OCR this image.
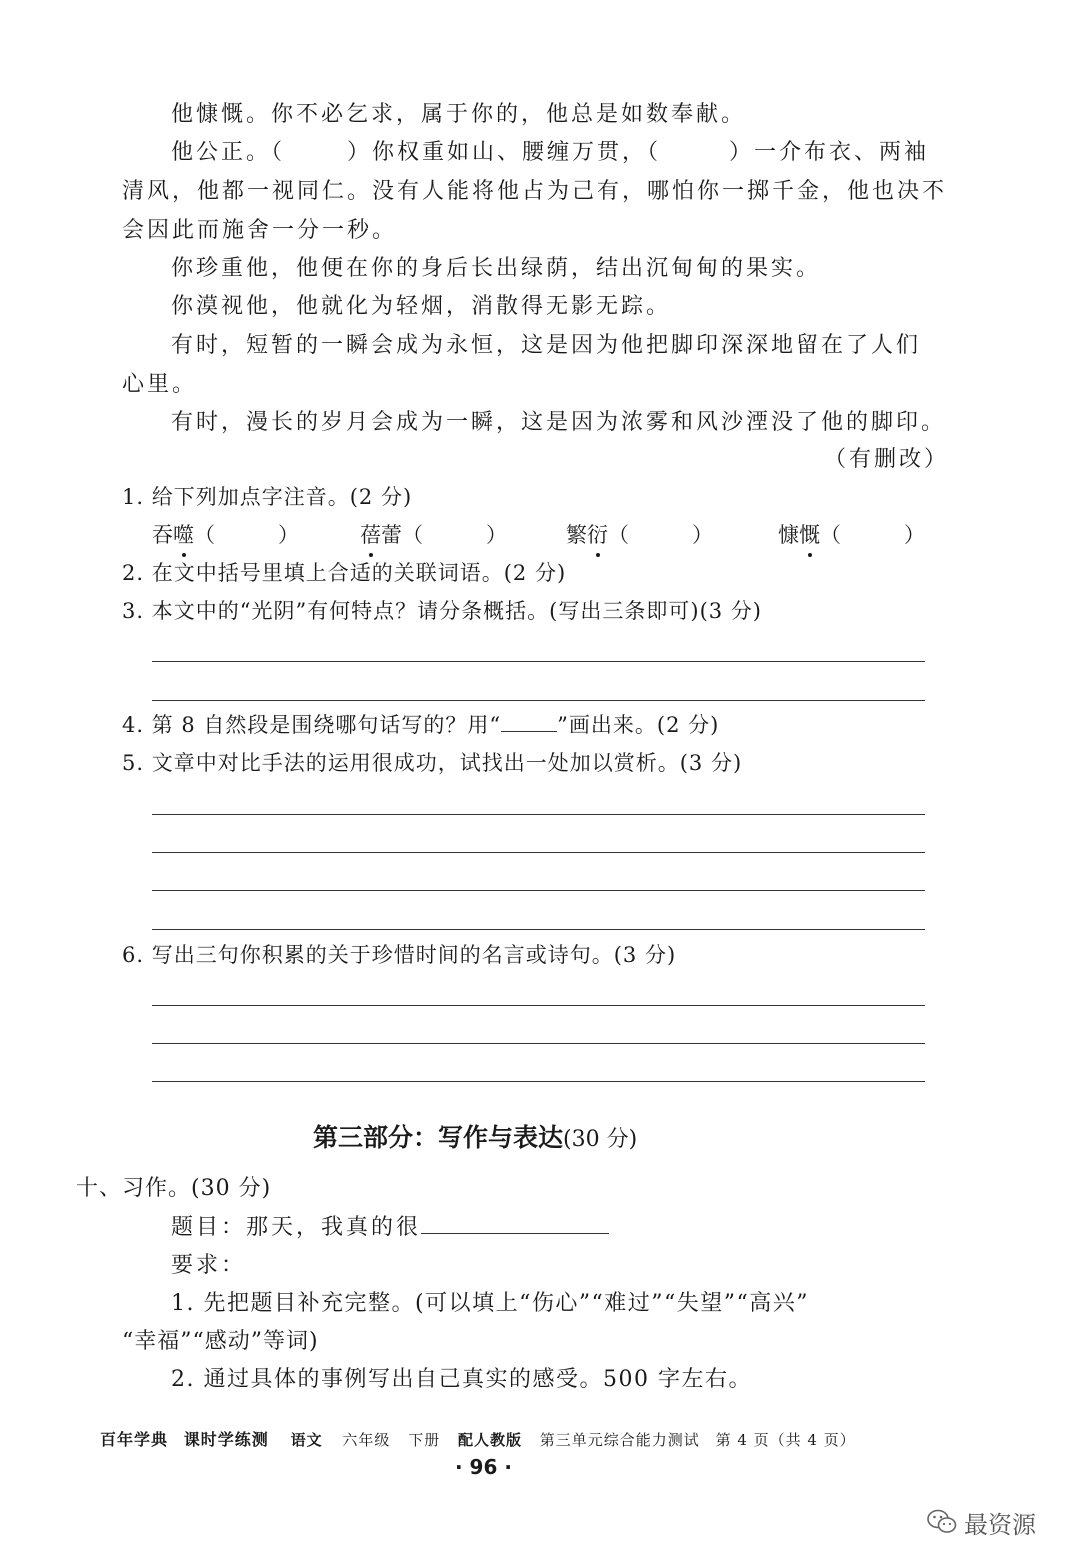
他慷慨。你不必乞求，属于你的，他总是如数奉献。
他公正。（	）你权重如山、腰缠万贯，（	）一介布衣、两袖
清风，他都一视同仁。没有人能将他占为己有，哪怕你一掷千金，他也决不
会因此而施舍一分一秒。
你珍重他，他便在你的身后长出绿荫，结出沉甸甸的果实。
你漠视他，他就化为轻烟，消散得无影无踪。
有时，短暂的一瞬会成为永恒，这是因为他把脚印深深地留在了人们
心里。
有时，漫长的岁月会成为一瞬，这是因为浓雾和风沙湮没了他的脚印。
（有删改）
1. 给下列加点字注音。(2 分)
吞噬（　　　）	蓓蕾（　　　）	繁衍（　　　）	慷慨（　　　）
2. 在文中括号里填上合适的关联词语。(2 分)
3. 本文中的“光阴”有何特点？请分条概括。(写出三条即可)(3 分)
4. 第 8 自然段是围绕哪句话写的？用“	”画出来。(2 分)
5. 文章中对比手法的运用很成功，试找出一处加以赏析。(3 分)
6. 写出三句你积累的关于珍惜时间的名言或诗句。(3 分)
第三部分：写作与表达(30 分)
十、习作。(30 分)
题目：那天，我真的很
要求：
1. 先把题目补充完整。(可以填上“伤心”“难过”“失望”“高兴”
“幸福”“感动”等词)
2. 通过具体的事例写出自己真实的感受。500 字左右。
百年学典 课时学练测 语文 六年级 下册 配人教版 第三单元综合能力测试 第 4 页（共 4 页）
· 96 ·
最资源
